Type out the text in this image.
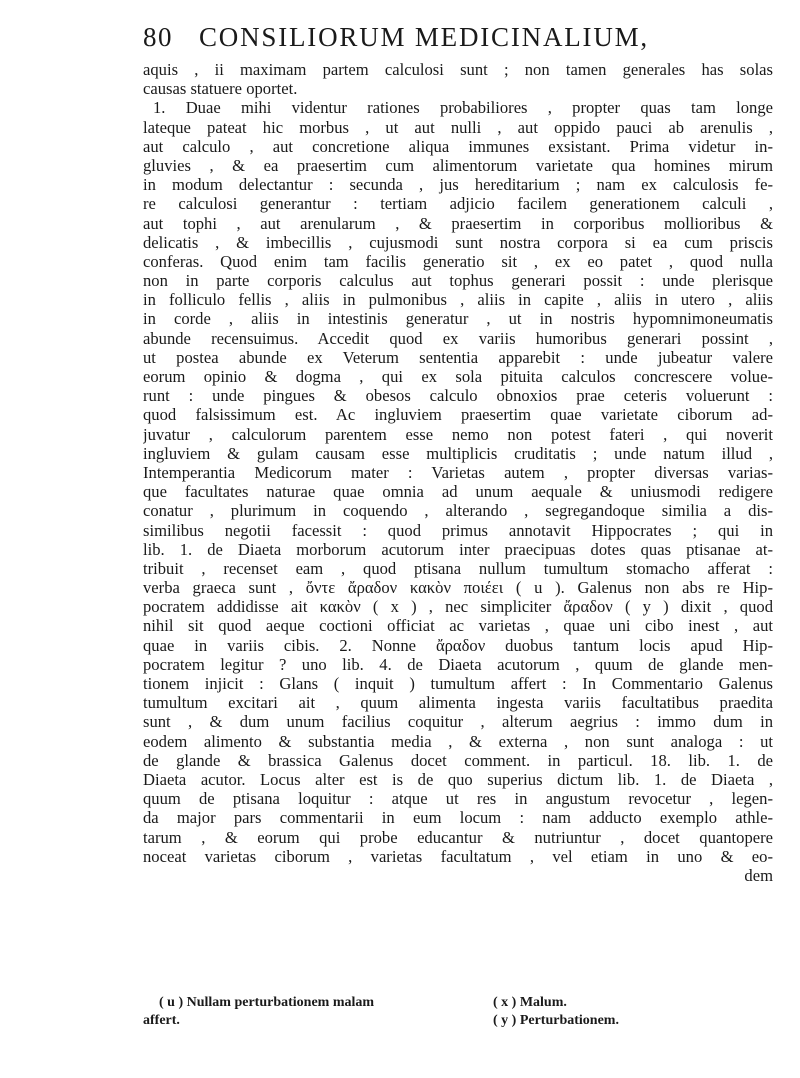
80 CONSILIORUM MEDICINALIUM,
aquis , ii maximam partem calculosi sunt ; non tamen generales has solas
causas statuere oportet.
1. Duae mihi videntur rationes probabiliores , propter quas tam longe
lateque pateat hic morbus , ut aut nulli , aut oppido pauci ab arenulis ,
aut calculo , aut concretione aliqua immunes exsistant. Prima videtur in-
gluvies , & ea praesertim cum alimentorum varietate qua homines mirum
in modum delectantur : secunda , jus hereditarium ; nam ex calculosis fe-
re calculosi generantur : tertiam adjicio facilem generationem calculi ,
aut tophi , aut arenularum , & praesertim in corporibus mollioribus &
delicatis , & imbecillis , cujusmodi sunt nostra corpora si ea cum priscis
conferas. Quod enim tam facilis generatio sit , ex eo patet , quod nulla
non in parte corporis calculus aut tophus generari possit : unde plerisque
in folliculo fellis , aliis in pulmonibus , aliis in capite , aliis in utero , aliis
in corde , aliis in intestinis generatur , ut in nostris hypomnimoneumatis
abunde recensuimus. Accedit quod ex variis humoribus generari possint ,
ut postea abunde ex Veterum sententia apparebit : unde jubeatur valere
eorum opinio & dogma , qui ex sola pituita calculos concrescere volue-
runt : unde pingues & obesos calculo obnoxios prae ceteris voluerunt :
quod falsissimum est. Ac ingluviem praesertim quae varietate ciborum ad-
juvatur , calculorum parentem esse nemo non potest fateri , qui noverit
ingluviem & gulam causam esse multiplicis cruditatis ; unde natum illud ,
Intemperantia Medicorum mater : Varietas autem , propter diversas varias-
que facultates naturae quae omnia ad unum aequale & uniusmodi redigere
conatur , plurimum in coquendo , alterando , segregandoque similia a dis-
similibus negotii facessit : quod primus annotavit Hippocrates ; qui in
lib. 1. de Diaeta morborum acutorum inter praecipuas dotes quas ptisanae at-
tribuit , recenset eam , quod ptisana nullum tumultum stomacho afferat :
verba graeca sunt , ὄντε ἄραδον κακὸν ποιέει ( u ). Galenus non abs re Hip-
pocratem addidisse ait κακὸν ( x ) , nec simpliciter ἄραδον ( y ) dixit , quod
nihil sit quod aeque coctioni officiat ac varietas , quae uni cibo inest , aut
quae in variis cibis. 2. Nonne ἄραδον duobus tantum locis apud Hip-
pocratem legitur ? uno lib. 4. de Diaeta acutorum , quum de glande men-
tionem injicit : Glans ( inquit ) tumultum affert : In Commentario Galenus
tumultum excitari ait , quum alimenta ingesta variis facultatibus praedita
sunt , & dum unum facilius coquitur , alterum aegrius : immo dum in
eodem alimento & substantia media , & externa , non sunt analoga : ut
de glande & brassica Galenus docet comment. in particul. 18. lib. 1. de
Diaeta acutor. Locus alter est is de quo superius dictum lib. 1. de Diaeta ,
quum de ptisana loquitur : atque ut res in angustum revocetur , legen-
da major pars commentarii in eum locum : nam adducto exemplo athle-
tarum , & eorum qui probe educantur & nutriuntur , docet quantopere
noceat varietas ciborum , varietas facultatum , vel etiam in uno & eo-
dem
( u ) Nullam perturbationem malam
affert.
( x ) Malum.
( y ) Perturbationem.
